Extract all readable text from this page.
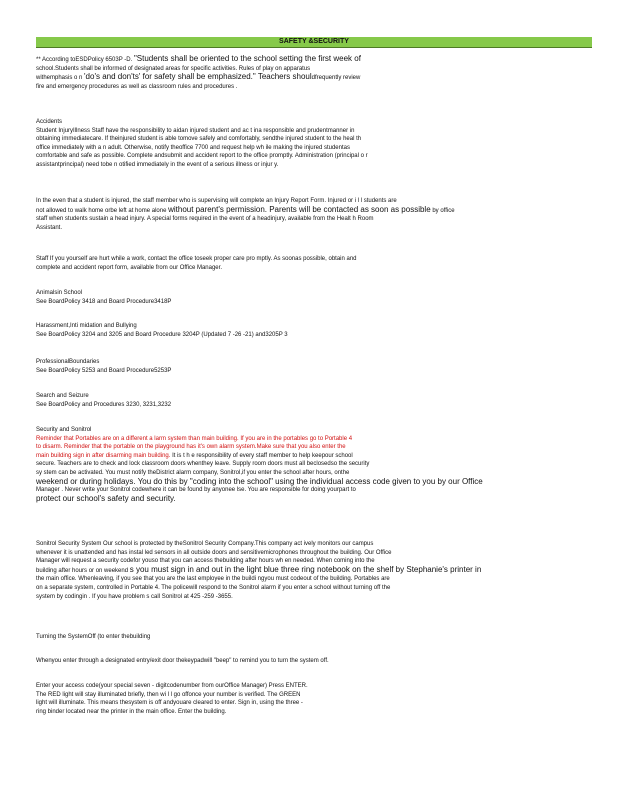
SAFETY &SECURITY

** According toESDPolicy 6503P -D. "Students shall be oriented to the school setting the first week of

school.Students shall be informed of designated areas for specific activities. Rules of play on apparatus

withemphasis o n 'do's and don'ts' for safety shall be emphasized." Teachers shouldfrequently review

fire and emergency procedures as well as classroom rules and procedures .

Accidents

Student InjuryIllness Staff have the responsibility to aidan injured student and ac t ina responsible and prudentmanner in

obtaining immediatecare. If theinjured student is able tomove safely and comfortably, sendthe injured student to the heal th

office immediately with a n adult. Otherwise, notify theoffice 7700 and request help wh ile making the injured studentas

comfortable and safe as possible. Complete andsubmit and accident report to the office promptly. Administration (principal o r

assistantprincipal) need tobe n otified immediately in the event of a serious illness or injur y.

In the even that a student is injured, the staff member who is supervising will complete an Injury Report Form. Injured or i l l students are

not allowed to walk home orbe left at home alone without parent's permission. Parents will be contacted as soon as possible by office

staff when students sustain a head injury. A special forms required in the event of a headinjury, available from the Healt h Room

Assistant.

Staff If you yourself are hurt while a work, contact the office toseek proper care pro mptly. As soonas possible, obtain and

complete and accident report form, available from our Office Manager.

Animalsin School

See BoardPolicy 3418 and Board Procedure3418P

Harassment,Inti midation and Bullying

See BoardPolicy 3204 and 3205 and Board Procedure 3204P (Updated 7 -26 -21) and3205P 3

ProfessionalBoundaries

See BoardPolicy 5253 and Board Procedure5253P

Search and Seizure

See BoardPolicy and Procedures 3230, 3231,3232

Security and Sonitrol

Reminder that Portables are on a different a larm system than main building. If you are in the portables go to Portable 4

to disarm. Reminder that the portable on the playground has it's own alarm system.Make sure that you also enter the

main building sign in after disarming main building. It is t h e responsibility of every staff member to help keepour school

secure. Teachers are to check and lock classroom doors whenthey leave. Supply room doors must all beclosedso the security

sy stem can be activated. You must notify theDistrict alarm company, Sonitrol,if you enter the school after hours, onthe

weekend or during holidays. You do this by "coding into the school" using the individual access code given to you by our Office

Manager . Never write your Sonitrol codewhere it can be found by anyonee lse. You are responsible for doing yourpart to

protect our school's safety and security.

Sonitrol Security System Our school is protected by theSonitrol Security Company.This company act ively monitors our campus

whenever it is unattended and has instal led sensors in all outside doors and sensitivemicrophones throughout the building. Our Office

Manager will request a security codefor youso that you can access thebuilding after hours wh en needed. When coming into the

building after hours or on weekend s you must sign in and out in the light blue three ring notebook on the shelf by Stephanie's printer in

the main office. Whenleaving, if you see that you are the last employee in the buildi ngyou must codeout of the building. Portables are

on a separate system, controlled in Portable 4. The policewill respond to the Sonitrol alarm if you enter a school without turning off the

system by codingin . If you have problem s call Sonitrol at 425 -259 -3655.

Turning the SystemOff (to enter thebuilding

Whenyou enter through a designated entry/exit door thekeypadwill "beep" to remind you to turn the system off.

Enter your access code(your special seven - digitcodenumber from ourOffice Manager) Press ENTER.

The RED light will stay illuminated briefly, then wi l l go offonce your number is verified. The GREEN

light will illuminate. This means thesystem is off andyouare cleared to enter. Sign in, using the three -

ring binder located near the printer in the main office. Enter the building.
